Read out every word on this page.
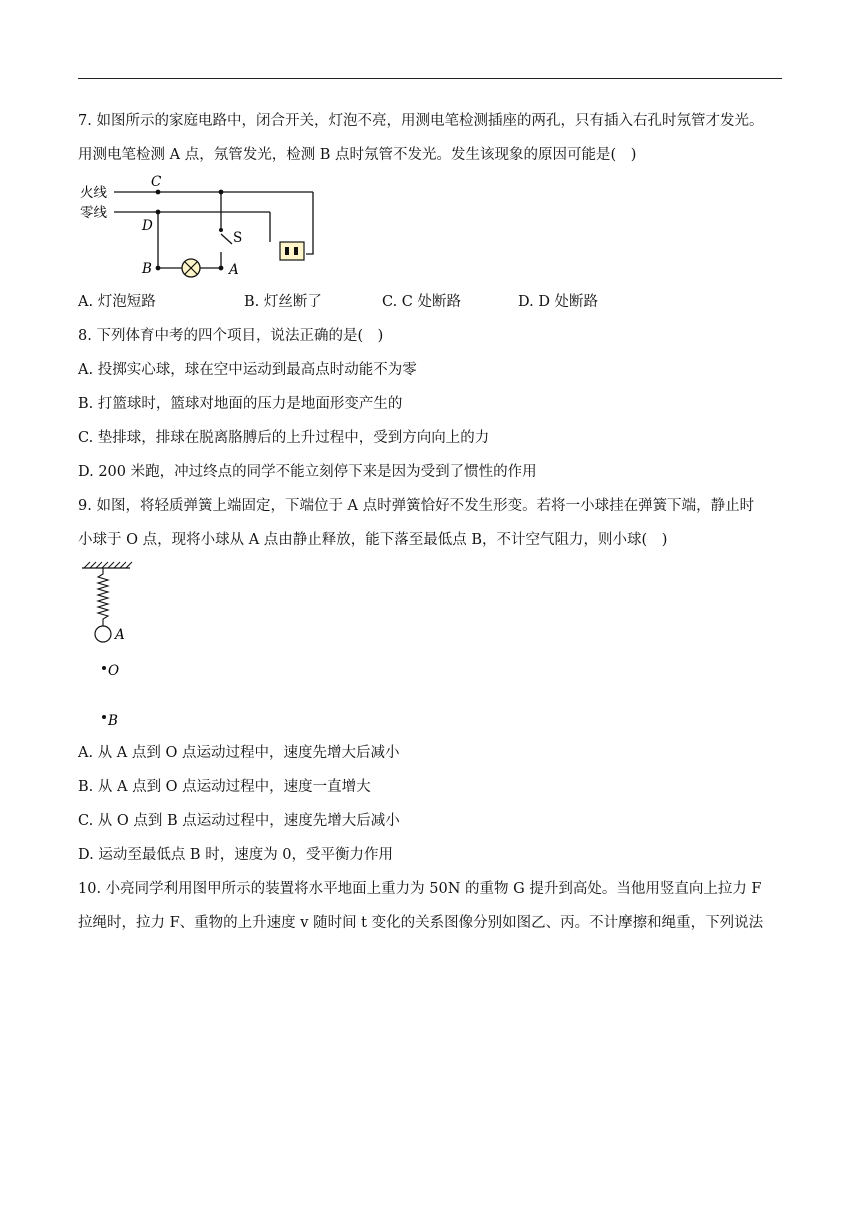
7. 如图所示的家庭电路中，闭合开关，灯泡不亮，用测电笔检测插座的两孔，只有插入右孔时氖管才发光。
用测电笔检测 A 点，氖管发光，检测 B 点时氖管不发光。发生该现象的原因可能是(　)
火线
零线
C
D
B	A
S
A. 灯泡短路	B. 灯丝断了	C. C 处断路	D. D 处断路
8. 下列体育中考的四个项目，说法正确的是(　)
A. 投掷实心球，球在空中运动到最高点时动能不为零
B. 打篮球时，篮球对地面的压力是地面形变产生的
C. 垫排球，排球在脱离胳膊后的上升过程中，受到方向向上的力
D. 200 米跑，冲过终点的同学不能立刻停下来是因为受到了惯性的作用
9. 如图，将轻质弹簧上端固定，下端位于 A 点时弹簧恰好不发生形变。若将一小球挂在弹簧下端，静止时
小球于 O 点，现将小球从 A 点由静止释放，能下落至最低点 B，不计空气阻力，则小球(　)
A
O
B
A. 从 A 点到 O 点运动过程中，速度先增大后减小
B. 从 A 点到 O 点运动过程中，速度一直增大
C. 从 O 点到 B 点运动过程中，速度先增大后减小
D. 运动至最低点 B 时，速度为 0，受平衡力作用
10. 小亮同学利用图甲所示的装置将水平地面上重力为 50N 的重物 G 提升到高处。当他用竖直向上拉力 F
拉绳时，拉力 F、重物的上升速度 v 随时间 t 变化的关系图像分别如图乙、丙。不计摩擦和绳重，下列说法
